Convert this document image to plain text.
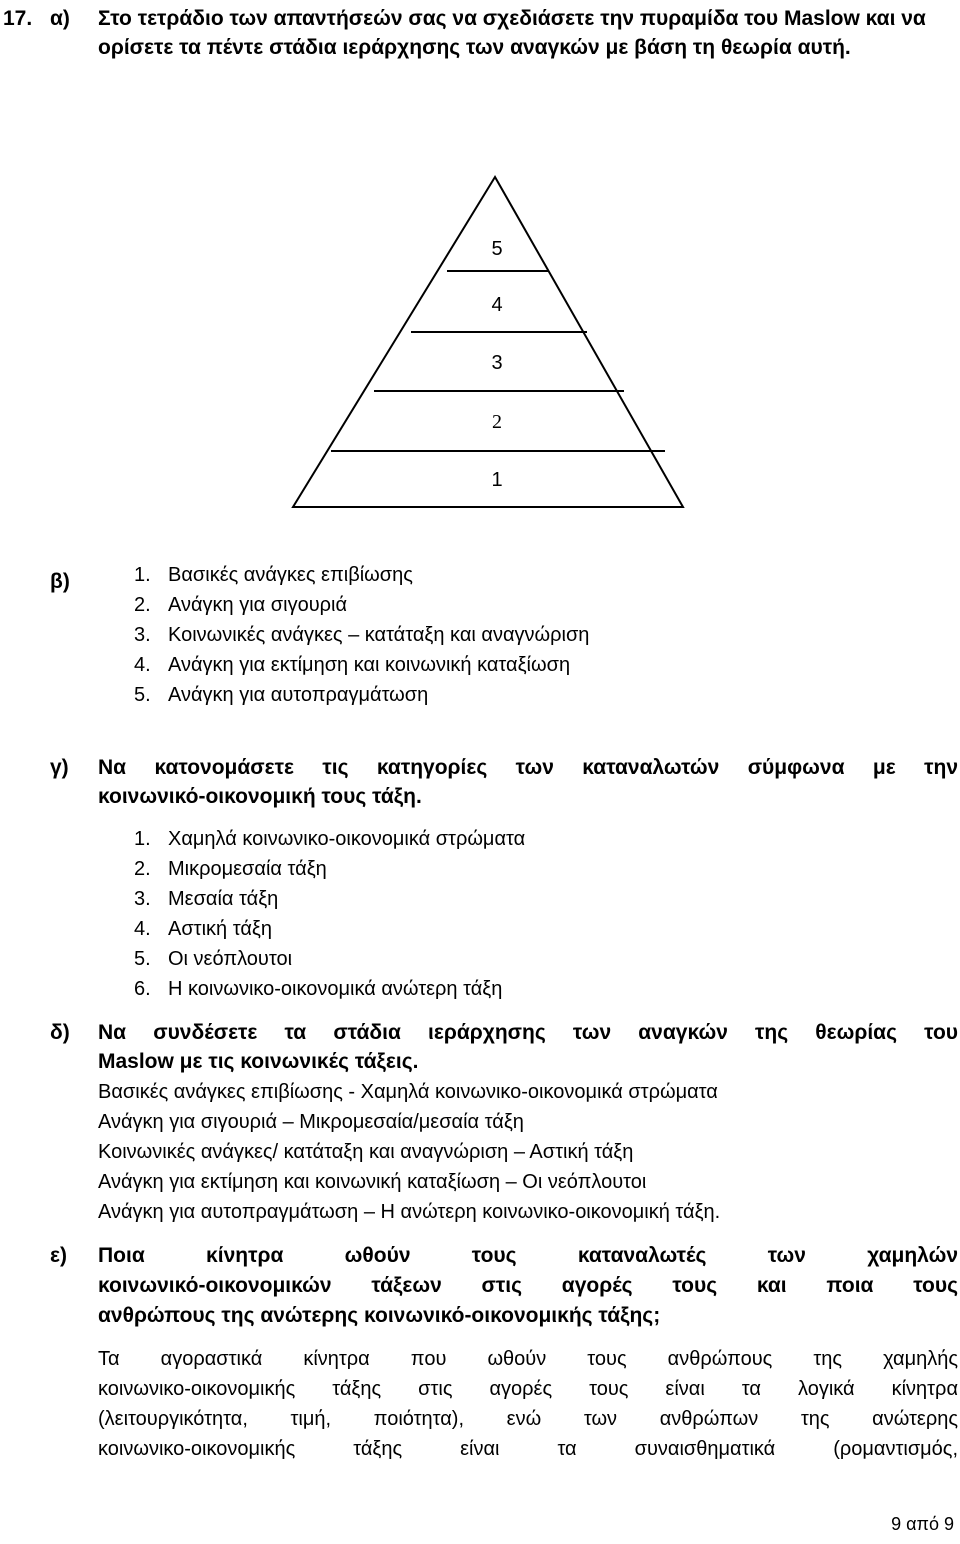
17. α) Στο τετράδιο των απαντήσεών σας να σχεδιάσετε την πυραμίδα του Maslow και να ορίσετε τα πέντε στάδια ιεράρχησης των αναγκών με βάση τη θεωρία αυτή.
5
4
3
2
1
β)	1. Βασικές ανάγκες επιβίωσης
2. Ανάγκη για σιγουριά
3. Κοινωνικές ανάγκες – κατάταξη και αναγνώριση
4. Ανάγκη για εκτίμηση και κοινωνική καταξίωση
5. Ανάγκη για αυτοπραγμάτωση
γ) Να κατονομάσετε τις κατηγορίες των καταναλωτών σύμφωνα με την
κοινωνικό-οικονομική τους τάξη.
1. Χαμηλά κοινωνικο-οικονομικά στρώματα
2. Μικρομεσαία τάξη
3. Μεσαία τάξη
4. Αστική τάξη
5. Οι νεόπλουτοι
6. Η κοινωνικο-οικονομικά ανώτερη τάξη
δ) Να συνδέσετε τα στάδια ιεράρχησης των αναγκών της θεωρίας του
Maslow με τις κοινωνικές τάξεις.
Βασικές ανάγκες επιβίωσης - Χαμηλά κοινωνικο-οικονομικά στρώματα
Ανάγκη για σιγουριά – Μικρομεσαία/μεσαία τάξη
Κοινωνικές ανάγκες/ κατάταξη και αναγνώριση – Αστική τάξη
Ανάγκη για εκτίμηση και κοινωνική καταξίωση – Οι νεόπλουτοι
Ανάγκη για αυτοπραγμάτωση – Η ανώτερη κοινωνικο-οικονομική τάξη.
ε) Ποια κίνητρα ωθούν τους καταναλωτές των χαμηλών
κοινωνικό-οικονομικών τάξεων στις αγορές τους και ποια τους
ανθρώπους της ανώτερης κοινωνικό-οικονομικής τάξης;
Τα αγοραστικά κίνητρα που ωθούν τους ανθρώπους της χαμηλής
κοινωνικο-οικονομικής τάξης στις αγορές τους είναι τα λογικά κίνητρα
(λειτουργικότητα, τιμή, ποιότητα), ενώ των ανθρώπων της ανώτερης
κοινωνικο-οικονομικής τάξης είναι τα συναισθηματικά (ρομαντισμός,
9 από 9
